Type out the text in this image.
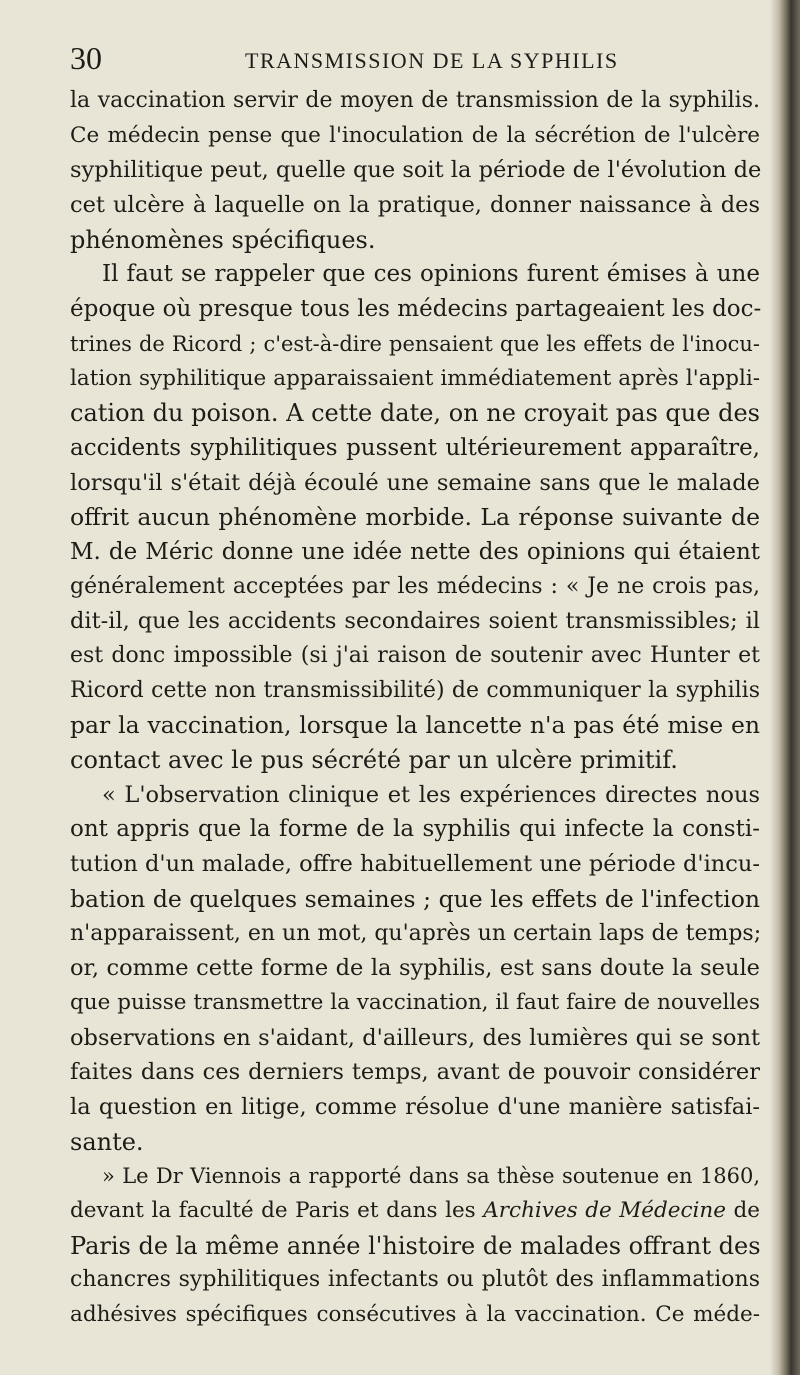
30	TRANSMISSION DE LA SYPHILIS
la vaccination servir de moyen de transmission de la syphilis.
Ce médecin pense que l'inoculation de la sécrétion de l'ulcère
syphilitique peut, quelle que soit la période de l'évolution de
cet ulcère à laquelle on la pratique, donner naissance à des
phénomènes spécifiques.
Il faut se rappeler que ces opinions furent émises à une
époque où presque tous les médecins partageaient les doc-
trines de Ricord ; c'est-à-dire pensaient que les effets de l'inocu-
lation syphilitique apparaissaient immédiatement après l'appli-
cation du poison. A cette date, on ne croyait pas que des
accidents syphilitiques pussent ultérieurement apparaître,
lorsqu'il s'était déjà écoulé une semaine sans que le malade
offrit aucun phénomène morbide. La réponse suivante de
M. de Méric donne une idée nette des opinions qui étaient
généralement acceptées par les médecins : « Je ne crois pas,
dit-il, que les accidents secondaires soient transmissibles; il
est donc impossible (si j'ai raison de soutenir avec Hunter et
Ricord cette non transmissibilité) de communiquer la syphilis
par la vaccination, lorsque la lancette n'a pas été mise en
contact avec le pus sécrété par un ulcère primitif.
« L'observation clinique et les expériences directes nous
ont appris que la forme de la syphilis qui infecte la consti-
tution d'un malade, offre habituellement une période d'incu-
bation de quelques semaines ; que les effets de l'infection
n'apparaissent, en un mot, qu'après un certain laps de temps;
or, comme cette forme de la syphilis, est sans doute la seule
que puisse transmettre la vaccination, il faut faire de nouvelles
observations en s'aidant, d'ailleurs, des lumières qui se sont
faites dans ces derniers temps, avant de pouvoir considérer
la question en litige, comme résolue d'une manière satisfai-
sante.
» Le Dr Viennois a rapporté dans sa thèse soutenue en 1860,
devant la faculté de Paris et dans les Archives de Médecine de
Paris de la même année l'histoire de malades offrant des
chancres syphilitiques infectants ou plutôt des inflammations
adhésives spécifiques consécutives à la vaccination. Ce méde-
